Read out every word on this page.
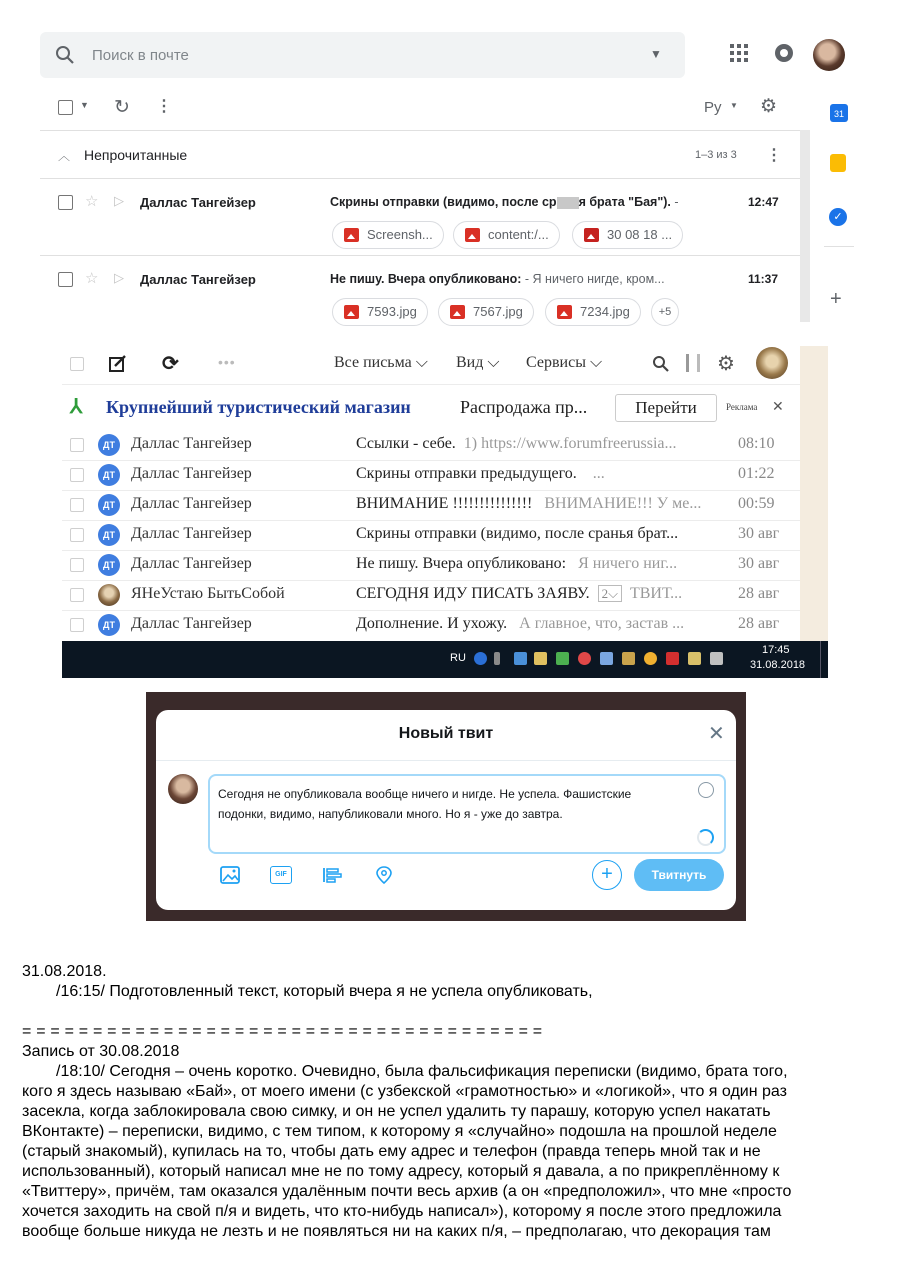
Поиск в почте	▼
▼ ↻ ⋮	Ру ▼ ⚙
︿ Непрочитанные	1–3 из 3 ⋮
☆ ▷ Даллас Тангейзер	Скрины отправки (видимо, после ср я брата "Бая"). -	12:47
Screensh...	content:/...	30 08 18 ...
☆ ▷ Даллас Тангейзер	Не пишу. Вчера опубликовано: - Я ничего нигде, кром...	11:37
7593.jpg	7567.jpg	7234.jpg	+5
31
✓
+
⟳	•••	Все письма ⌵ Вид ⌵ Сервисы ⌵	⚙
⅄ Крупнейший туристический магазин	Распродажа пр...	Перейти	Реклама ✕
ДТ	Даллас Тангейзер	Ссылки - себе. 1) https://www.forumfreerussia...	08:10
ДТ	Даллас Тангейзер	Скрины отправки предыдущего. ...	01:22
ДТ	Даллас Тангейзер	ВНИМАНИЕ !!!!!!!!!!!!!!! ВНИМАНИЕ!!! У ме...	00:59
ДТ	Даллас Тангейзер	Скрины отправки (видимо, после сранья брат...	30 авг
ДТ	Даллас Тангейзер	Не пишу. Вчера опубликовано: Я ничего ниг...	30 авг
ЯНеУстаю БытьСобой	СЕГОДНЯ ИДУ ПИСАТЬ ЗАЯВУ. 2⌵ ТВИТ...	28 авг
ДТ	Даллас Тангейзер	Дополнение. И ухожу. А главное, что, застав ...	28 авг
RU
17:45
31.08.2018
Новый твит	✕
Сегодня не опубликовала вообще ничего и нигде. Не успела. Фашистские подонки, видимо, напубликовали много. Но я - уже до завтра.
GIF	+	Твитнуть
31.08.2018.
/16:15/ Подготовленный текст, который вчера я не успела опубликовать,
= = = = = = = = = = = = = = = = = = = = = = = = = = = = = = = = = = = = =
Запись от 30.08.2018
/18:10/ Сегодня – очень коротко. Очевидно, была фальсификация переписки (видимо, брата того,
кого я здесь называю «Бай», от моего имени (с узбекской «грамотностью» и «логикой», что я один раз
засекла, когда заблокировала свою симку, и он не успел удалить ту парашу, которую успел накатать
ВКонтакте) – переписки, видимо, с тем типом, к которому я «случайно» подошла на прошлой неделе
(старый знакомый), купилась на то, чтобы дать ему адрес и телефон (правда теперь мной так и не
использованный), который написал мне не по тому адресу, который я давала, а по прикреплённому к
«Твиттеру», причём, там оказался удалённым почти весь архив (а он «предположил», что мне «просто
хочется заходить на свой п/я и видеть, что кто-нибудь написал»), которому я после этого предложила
вообще больше никуда не лезть и не появляться ни на каких п/я, – предполагаю, что декорация там
